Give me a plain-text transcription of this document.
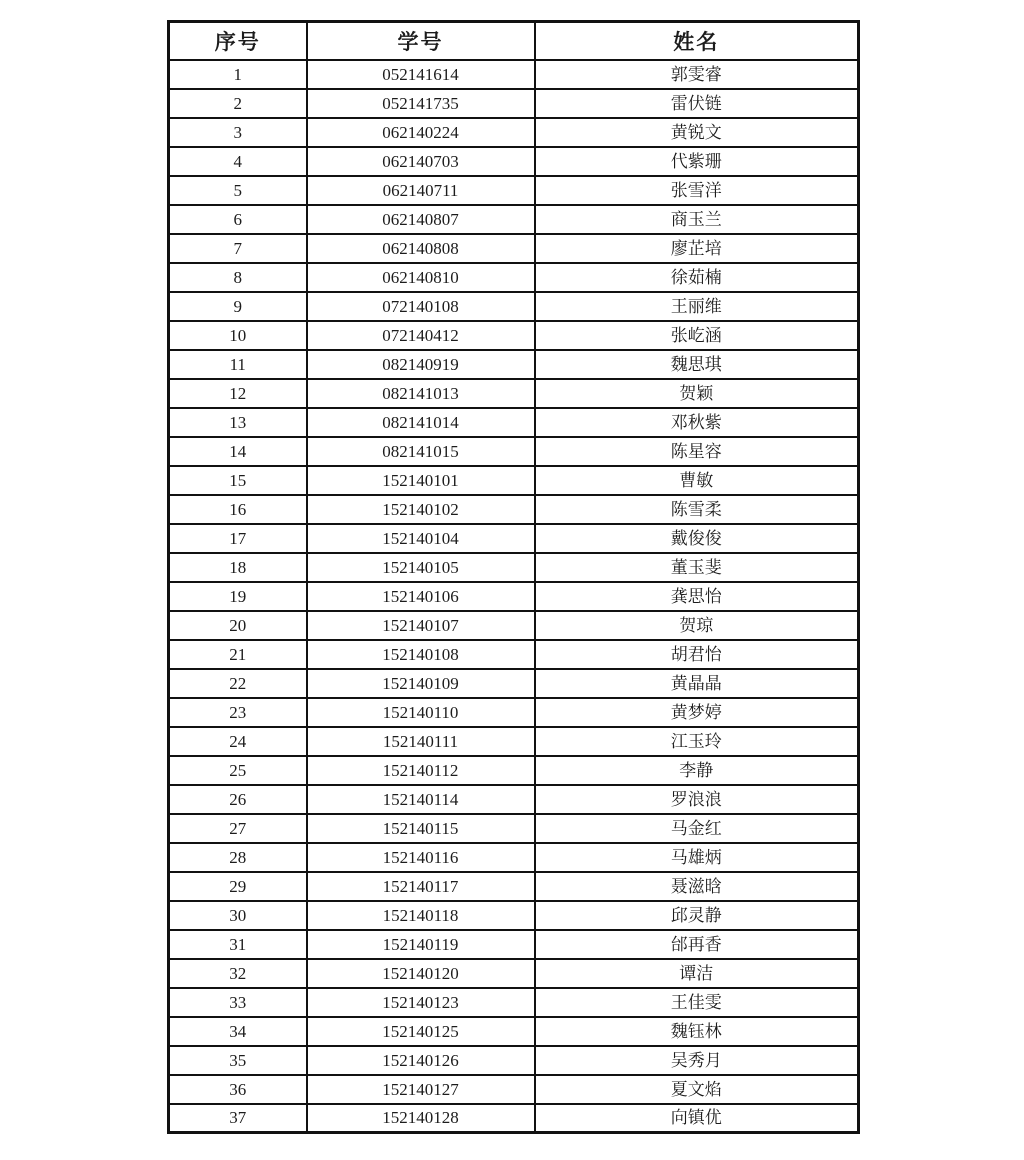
序号	学号	姓名
1	052141614	郭雯睿
2	052141735	雷伏链
3	062140224	黄锐文
4	062140703	代紫珊
5	062140711	张雪洋
6	062140807	商玉兰
7	062140808	廖芷培
8	062140810	徐茹楠
9	072140108	王丽维
10	072140412	张屹涵
11	082140919	魏思琪
12	082141013	贺颖
13	082141014	邓秋紫
14	082141015	陈星容
15	152140101	曹敏
16	152140102	陈雪柔
17	152140104	戴俊俊
18	152140105	董玉斐
19	152140106	龚思怡
20	152140107	贺琼
21	152140108	胡君怡
22	152140109	黄晶晶
23	152140110	黄梦婷
24	152140111	江玉玲
25	152140112	李静
26	152140114	罗浪浪
27	152140115	马金红
28	152140116	马雄炳
29	152140117	聂滋晗
30	152140118	邱灵静
31	152140119	邰再香
32	152140120	谭洁
33	152140123	王佳雯
34	152140125	魏钰林
35	152140126	吴秀月
36	152140127	夏文焰
37	152140128	向镇优
